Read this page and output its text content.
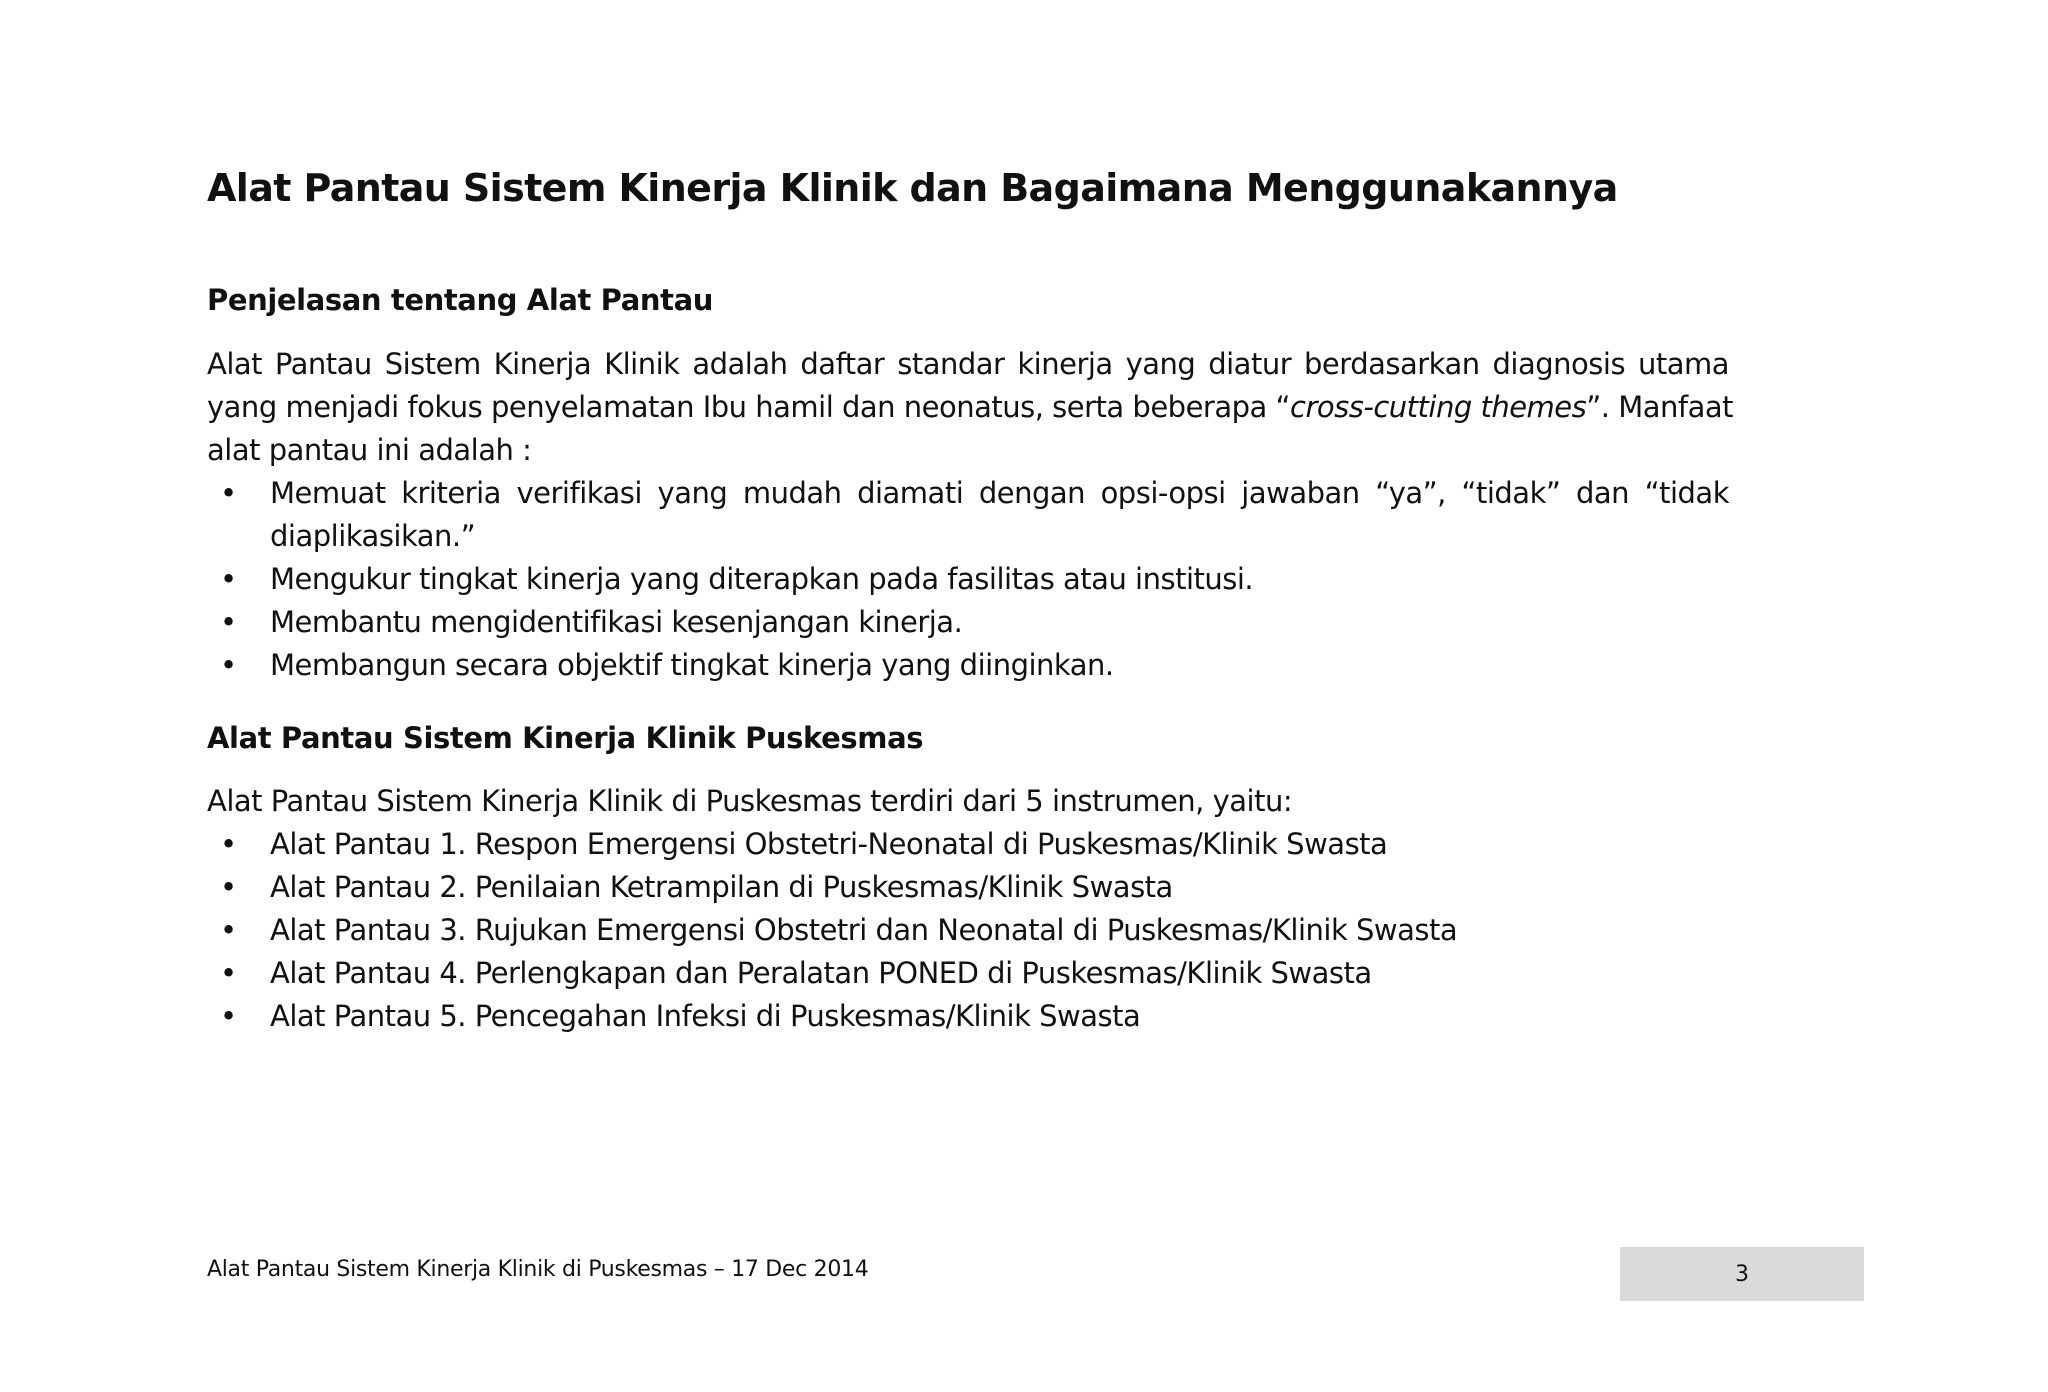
Alat Pantau Sistem Kinerja Klinik dan Bagaimana Menggunakannya
Penjelasan tentang Alat Pantau

Alat Pantau Sistem Kinerja Klinik adalah daftar standar kinerja yang diatur berdasarkan diagnosis utama
yang menjadi fokus penyelamatan Ibu hamil dan neonatus, serta beberapa “cross-cutting themes”. Manfaat
alat pantau ini adalah :

• Memuat kriteria verifikasi yang mudah diamati dengan opsi-opsi jawaban “ya”, “tidak” dan “tidak
diaplikasikan.”
• Mengukur tingkat kinerja yang diterapkan pada fasilitas atau institusi.
• Membantu mengidentifikasi kesenjangan kinerja.
• Membangun secara objektif tingkat kinerja yang diinginkan.
Alat Pantau Sistem Kinerja Klinik Puskesmas

Alat Pantau Sistem Kinerja Klinik di Puskesmas terdiri dari 5 instrumen, yaitu:

• Alat Pantau 1. Respon Emergensi Obstetri-Neonatal di Puskesmas/Klinik Swasta
• Alat Pantau 2. Penilaian Ketrampilan di Puskesmas/Klinik Swasta
• Alat Pantau 3. Rujukan Emergensi Obstetri dan Neonatal di Puskesmas/Klinik Swasta
• Alat Pantau 4. Perlengkapan dan Peralatan PONED di Puskesmas/Klinik Swasta
• Alat Pantau 5. Pencegahan Infeksi di Puskesmas/Klinik Swasta
Alat Pantau Sistem Kinerja Klinik di Puskesmas – 17 Dec 2014	3
